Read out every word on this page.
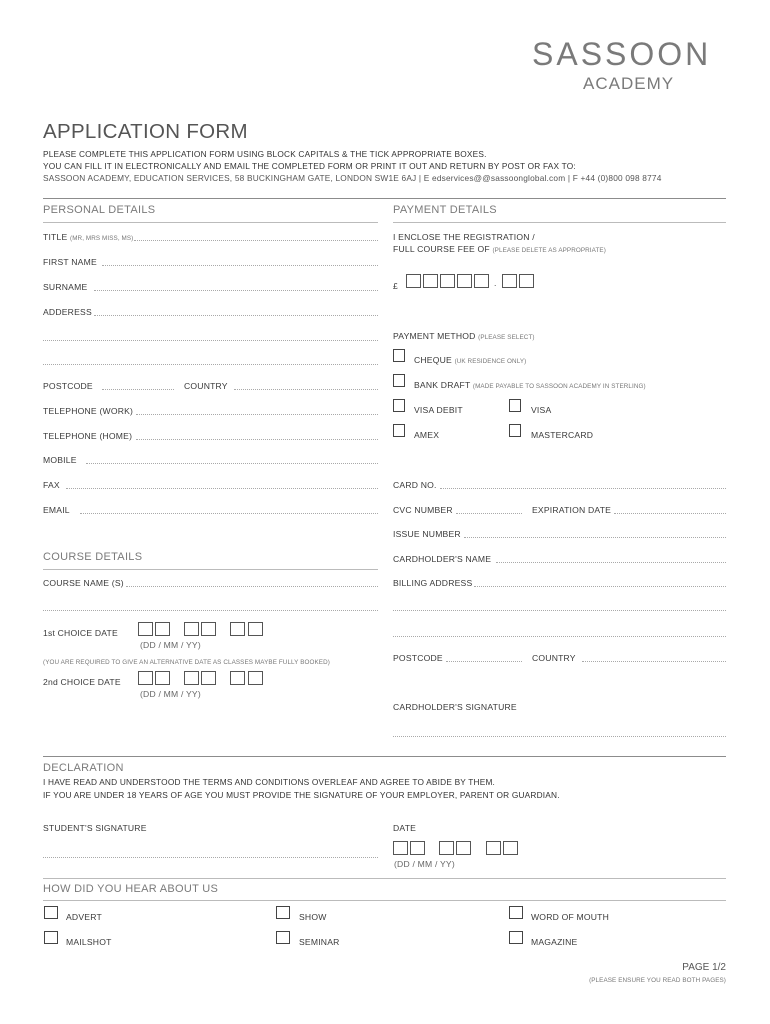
SASSOON
ACADEMY
APPLICATION FORM
PLEASE COMPLETE THIS APPLICATION FORM USING BLOCK CAPITALS & THE TICK APPROPRIATE BOXES.
YOU CAN FILL IT IN ELECTRONICALLY AND EMAIL THE COMPLETED FORM OR PRINT IT OUT AND RETURN BY POST OR FAX TO:
SASSOON ACADEMY, EDUCATION SERVICES, 58 BUCKINGHAM GATE, LONDON SW1E 6AJ | E edservices@@sassoonglobal.com | F +44 (0)800 098 8774
PERSONAL DETAILS
TITLE (MR, MRS MISS, MS)
FIRST NAME
SURNAME
ADDERESS
POSTCODE	COUNTRY
TELEPHONE (WORK)
TELEPHONE (HOME)
MOBILE
FAX
EMAIL
COURSE DETAILS
COURSE NAME (S)
1st CHOICE DATE
(DD / MM / YY)
(YOU ARE REQUIRED TO GIVE AN ALTERNATIVE DATE AS CLASSES MAYBE FULLY BOOKED)
2nd CHOICE DATE
(DD / MM / YY)
PAYMENT DETAILS
I ENCLOSE THE REGISTRATION /
FULL COURSE FEE OF (PLEASE DELETE AS APPROPRIATE)
£	.
PAYMENT METHOD (PLEASE SELECT)
CHEQUE (UK RESIDENCE ONLY)
BANK DRAFT (MADE PAYABLE TO SASSOON ACADEMY IN STERLING)
VISA DEBIT	VISA
AMEX	MASTERCARD
CARD NO.
CVC NUMBER	EXPIRATION DATE
ISSUE NUMBER
CARDHOLDER'S NAME
BILLING ADDRESS
POSTCODE	COUNTRY
CARDHOLDER'S SIGNATURE
DECLARATION
I HAVE READ AND UNDERSTOOD THE TERMS AND CONDITIONS OVERLEAF AND AGREE TO ABIDE BY THEM.
IF YOU ARE UNDER 18 YEARS OF AGE YOU MUST PROVIDE THE SIGNATURE OF YOUR EMPLOYER, PARENT OR GUARDIAN.
STUDENT'S SIGNATURE	DATE
(DD / MM / YY)
HOW DID YOU HEAR ABOUT US
ADVERT	SHOW	WORD OF MOUTH
MAILSHOT	SEMINAR	MAGAZINE
PAGE 1/2
(PLEASE ENSURE YOU READ BOTH PAGES)
